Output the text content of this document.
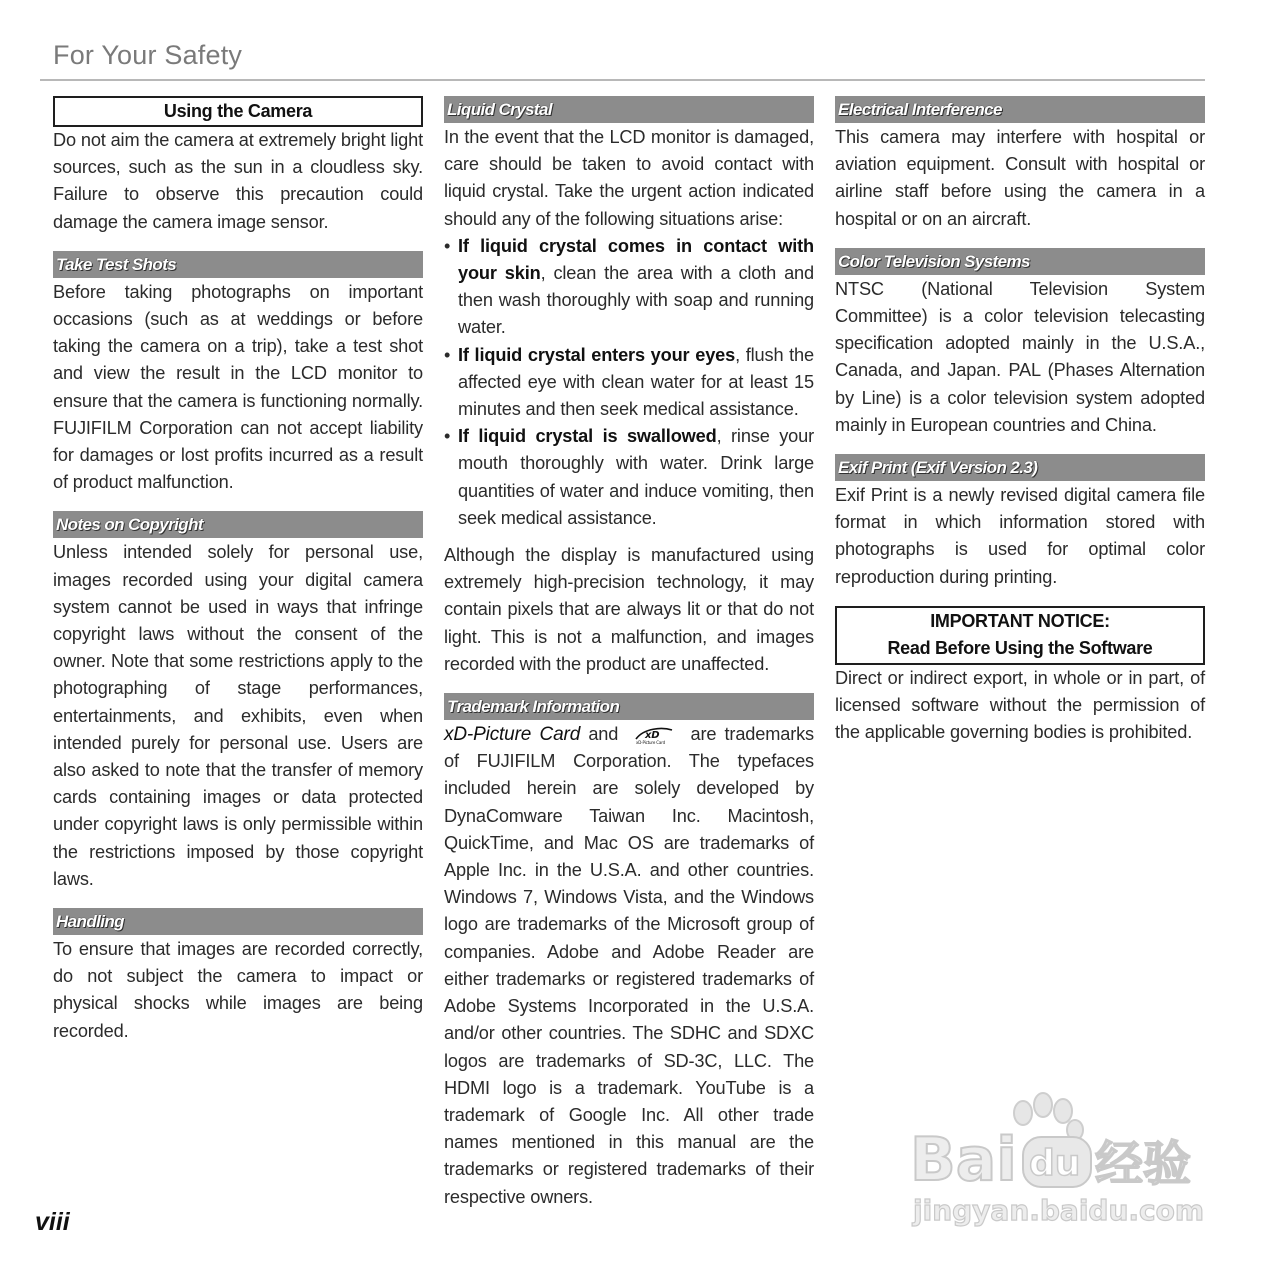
For Your Safety
Using the Camera

Do not aim the camera at extremely bright light sources, such as the sun in a cloudless sky. Failure to observe this precaution could damage the camera image sensor.

Take Test Shots

Before taking photographs on important occasions (such as at weddings or before taking the camera on a trip), take a test shot and view the result in the LCD monitor to ensure that the camera is functioning normally. FUJIFILM Corporation can not accept liability for damages or lost profits incurred as a result of product malfunction.

Notes on Copyright

Unless intended solely for personal use, images recorded using your digital camera system cannot be used in ways that infringe copyright laws without the consent of the owner. Note that some restrictions apply to the photographing of stage performances, entertainments, and exhibits, even when intended purely for personal use. Users are also asked to note that the transfer of memory cards containing images or data protected under copyright laws is only permissible within the restrictions imposed by those copyright laws.

Handling

To ensure that images are recorded correctly, do not subject the camera to impact or physical shocks while images are being recorded.

Liquid Crystal

In the event that the LCD monitor is damaged, care should be taken to avoid contact with liquid crystal. Take the urgent action indicated should any of the following situations arise:

• If liquid crystal comes in contact with your skin, clean the area with a cloth and then wash thoroughly with soap and running water.
• If liquid crystal enters your eyes, flush the affected eye with clean water for at least 15 minutes and then seek medical assistance.
• If liquid crystal is swallowed, rinse your mouth thoroughly with water. Drink large quantities of water and induce vomiting, then seek medical assistance.

Although the display is manufactured using extremely high-precision technology, it may contain pixels that are always lit or that do not light. This is not a malfunction, and images recorded with the product are unaffected.

Trademark Information

xD-Picture Card and	xD
xD-Picture Card are trademarks of FUJIFILM Corporation. The typefaces included herein are solely developed by DynaComware Taiwan Inc. Macintosh, QuickTime, and Mac OS are trademarks of Apple Inc. in the U.S.A. and other countries. Windows 7, Windows Vista, and the Windows logo are trademarks of the Microsoft group of companies. Adobe and Adobe Reader are either trademarks or registered trademarks of Adobe Systems Incorporated in the U.S.A. and/or other countries. The SDHC and SDXC logos are trademarks of SD-3C, LLC. The HDMI logo is a trademark. YouTube is a trademark of Google Inc. All other trade names mentioned in this manual are the trademarks or registered trademarks of their respective owners.

Electrical Interference

This camera may interfere with hospital or aviation equipment. Consult with hospital or airline staff before using the camera in a hospital or on an aircraft.

Color Television Systems

NTSC (National Television System Committee) is a color television telecasting specification adopted mainly in the U.S.A., Canada, and Japan. PAL (Phases Alternation by Line) is a color television system adopted mainly in European countries and China.

Exif Print (Exif Version 2.3)

Exif Print is a newly revised digital camera file format in which information stored with photographs is used for optimal color reproduction during printing.

IMPORTANT NOTICE:
Read Before Using the Software

Direct or indirect export, in whole or in part, of licensed software without the permission of the applicable governing bodies is prohibited.

viii
Bai du 经验
jingyan.baidu.com
